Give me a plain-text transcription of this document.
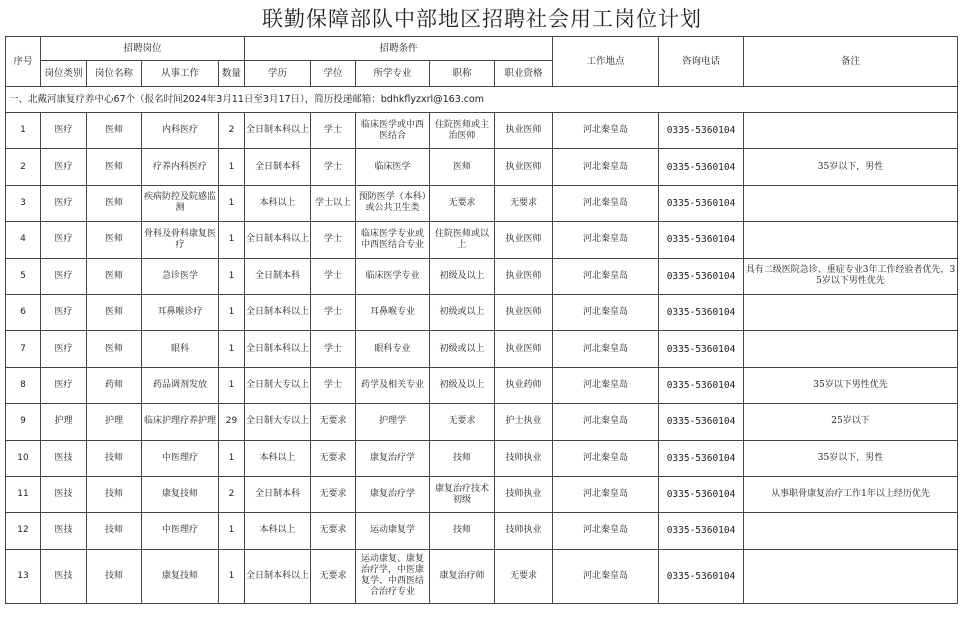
联勤保障部队中部地区招聘社会用工岗位计划
序号	招聘岗位				招聘条件					工作地点	咨询电话	备注
	岗位类别	岗位名称	从事工作	数量	学历	学位	所学专业	职称	职业资格			
一、北戴河康复疗养中心67个（报名时间2024年3月11日至3月17日），简历投递邮箱：bdhkflyzxrl@163.com												
1	医疗	医师	内科医疗	2	全日制本科以上	学士	临床医学或中西医结合	住院医师或主治医师	执业医师	河北秦皇岛	0335-5360104	
2	医疗	医师	疗养内科医疗	1	全日制本科	学士	临床医学	医师	执业医师	河北秦皇岛	0335-5360104	35岁以下，男性
3	医疗	医师	疾病防控及院感监测	1	本科以上	学士以上	预防医学（本科）或公共卫生类	无要求	无要求	河北秦皇岛	0335-5360104	
4	医疗	医师	骨科及骨科康复医疗	1	全日制本科以上	学士	临床医学专业或中西医结合专业	住院医师或以上	执业医师	河北秦皇岛	0335-5360104	
5	医疗	医师	急诊医学	1	全日制本科	学士	临床医学专业	初级及以上	执业医师	河北秦皇岛	0335-5360104	具有二级医院急诊、重症专业3年工作经验者优先，35岁以下男性优先
6	医疗	医师	耳鼻喉诊疗	1	全日制本科以上	学士	耳鼻喉专业	初级或以上	执业医师	河北秦皇岛	0335-5360104	
7	医疗	医师	眼科	1	全日制本科以上	学士	眼科专业	初级或以上	执业医师	河北秦皇岛	0335-5360104	
8	医疗	药师	药品调剂发放	1	全日制大专以上	学士	药学及相关专业	初级及以上	执业药师	河北秦皇岛	0335-5360104	35岁以下男性优先
9	护理	护理	临床护理疗养护理	29	全日制大专以上	无要求	护理学	无要求	护士执业	河北秦皇岛	0335-5360104	25岁以下
10	医技	技师	中医理疗	1	本科以上	无要求	康复治疗学	技师	技师执业	河北秦皇岛	0335-5360104	35岁以下，男性
11	医技	技师	康复技师	2	全日制本科	无要求	康复治疗学	康复治疗技术初级	技师执业	河北秦皇岛	0335-5360104	从事职骨康复治疗工作1年以上经历优先
12	医技	技师	中医理疗	1	本科以上	无要求	运动康复学	技师	技师执业	河北秦皇岛	0335-5360104	
13	医技	技师	康复技师	1	全日制本科以上	无要求	运动康复、康复治疗学，中医康复学、中西医结合治疗专业	康复治疗师	无要求	河北秦皇岛	0335-5360104	
